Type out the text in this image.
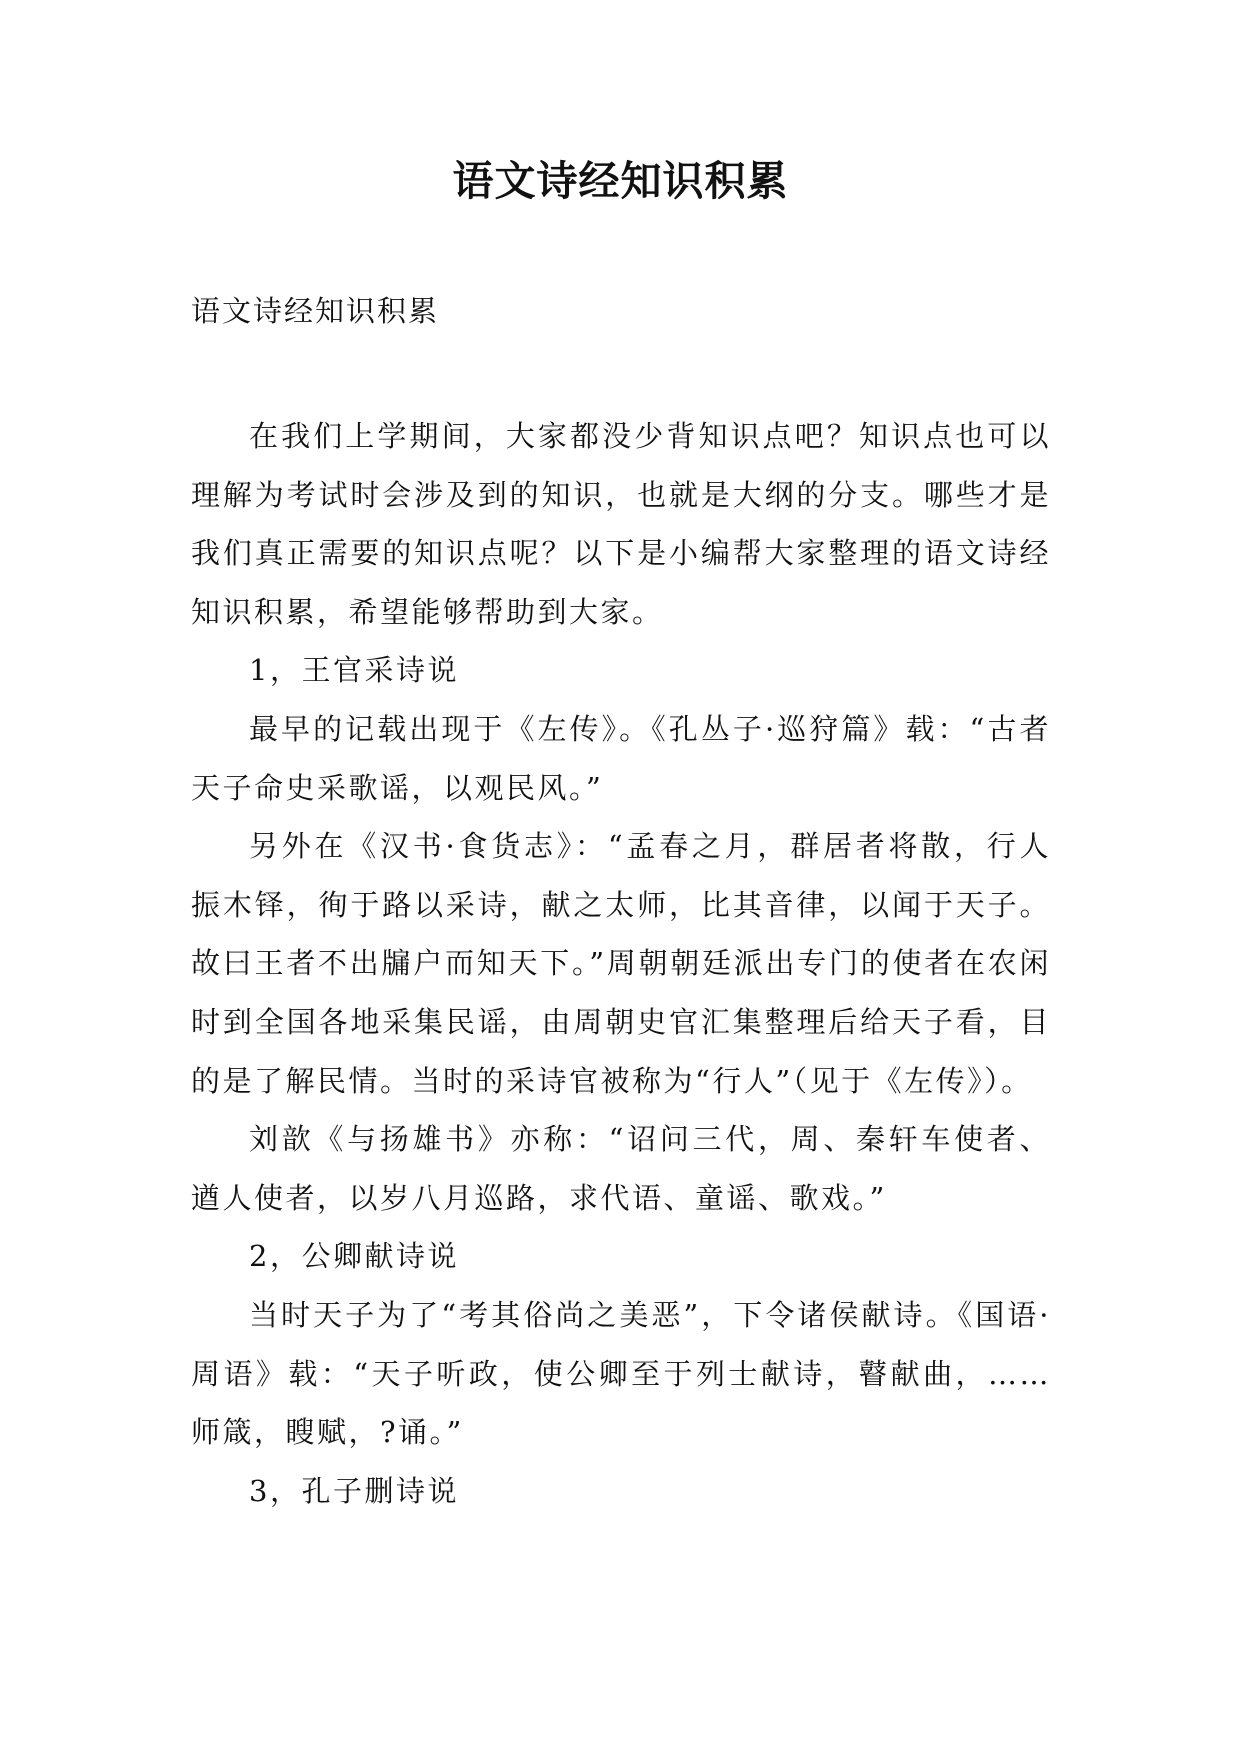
语文诗经知识积累
语文诗经知识积累

在我们上学期间，大家都没少背知识点吧？知识点也可以理解为考试时会涉及到的知识，也就是大纲的分支。哪些才是我们真正需要的知识点呢？以下是小编帮大家整理的语文诗经知识积累，希望能够帮助到大家。

1，王官采诗说

最早的记载出现于《左传》。《孔丛子·巡狩篇》载：“古者天子命史采歌谣，以观民风。”

另外在《汉书·食货志》：“孟春之月，群居者将散，行人振木铎，徇于路以采诗，献之太师，比其音律，以闻于天子。故曰王者不出牖户而知天下。”周朝朝廷派出专门的使者在农闲时到全国各地采集民谣，由周朝史官汇集整理后给天子看，目的是了解民情。当时的采诗官被称为“行人”（见于《左传》）。

刘歆《与扬雄书》亦称：“诏问三代，周、秦轩车使者、遒人使者，以岁八月巡路，求代语、童谣、歌戏。”

2，公卿献诗说

当时天子为了“考其俗尚之美恶”，下令诸侯献诗。《国语·周语》载：“天子听政，使公卿至于列士献诗，瞽献曲，……师箴，瞍赋，?诵。”

3，孔子删诗说
